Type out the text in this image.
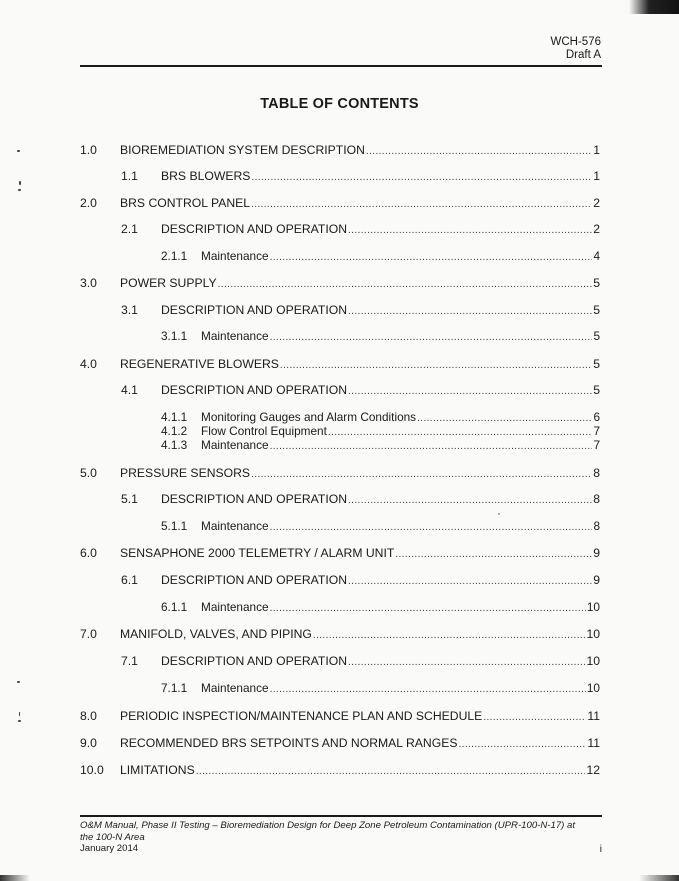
WCH-576
Draft A
TABLE OF CONTENTS
1.0	BIOREMEDIATION SYSTEM DESCRIPTION .....	1
1.1	BRS BLOWERS .....	1
2.0	BRS CONTROL PANEL .....	2
2.1	DESCRIPTION AND OPERATION .....	2
2.1.1	Maintenance .....	4
3.0	POWER SUPPLY .....	5
3.1	DESCRIPTION AND OPERATION .....	5
3.1.1	Maintenance .....	5
4.0	REGENERATIVE BLOWERS .....	5
4.1	DESCRIPTION AND OPERATION .....	5
4.1.1	Monitoring Gauges and Alarm Conditions .....	6
4.1.2	Flow Control Equipment .....	7
4.1.3	Maintenance .....	7
5.0	PRESSURE SENSORS .....	8
5.1	DESCRIPTION AND OPERATION .....	8
5.1.1	Maintenance .....	8
6.0	SENSAPHONE 2000 TELEMETRY / ALARM UNIT .....	9
6.1	DESCRIPTION AND OPERATION .....	9
6.1.1	Maintenance .....	10
7.0	MANIFOLD, VALVES, AND PIPING .....	10
7.1	DESCRIPTION AND OPERATION .....	10
7.1.1	Maintenance .....	10
8.0	PERIODIC INSPECTION/MAINTENANCE PLAN AND SCHEDULE .....	11
9.0	RECOMMENDED BRS SETPOINTS AND NORMAL RANGES .....	11
10.0	LIMITATIONS .....	12
O&M Manual, Phase II Testing – Bioremediation Design for Deep Zone Petroleum Contamination (UPR-100-N-17) at
the 100-N Area
January 2014	i
